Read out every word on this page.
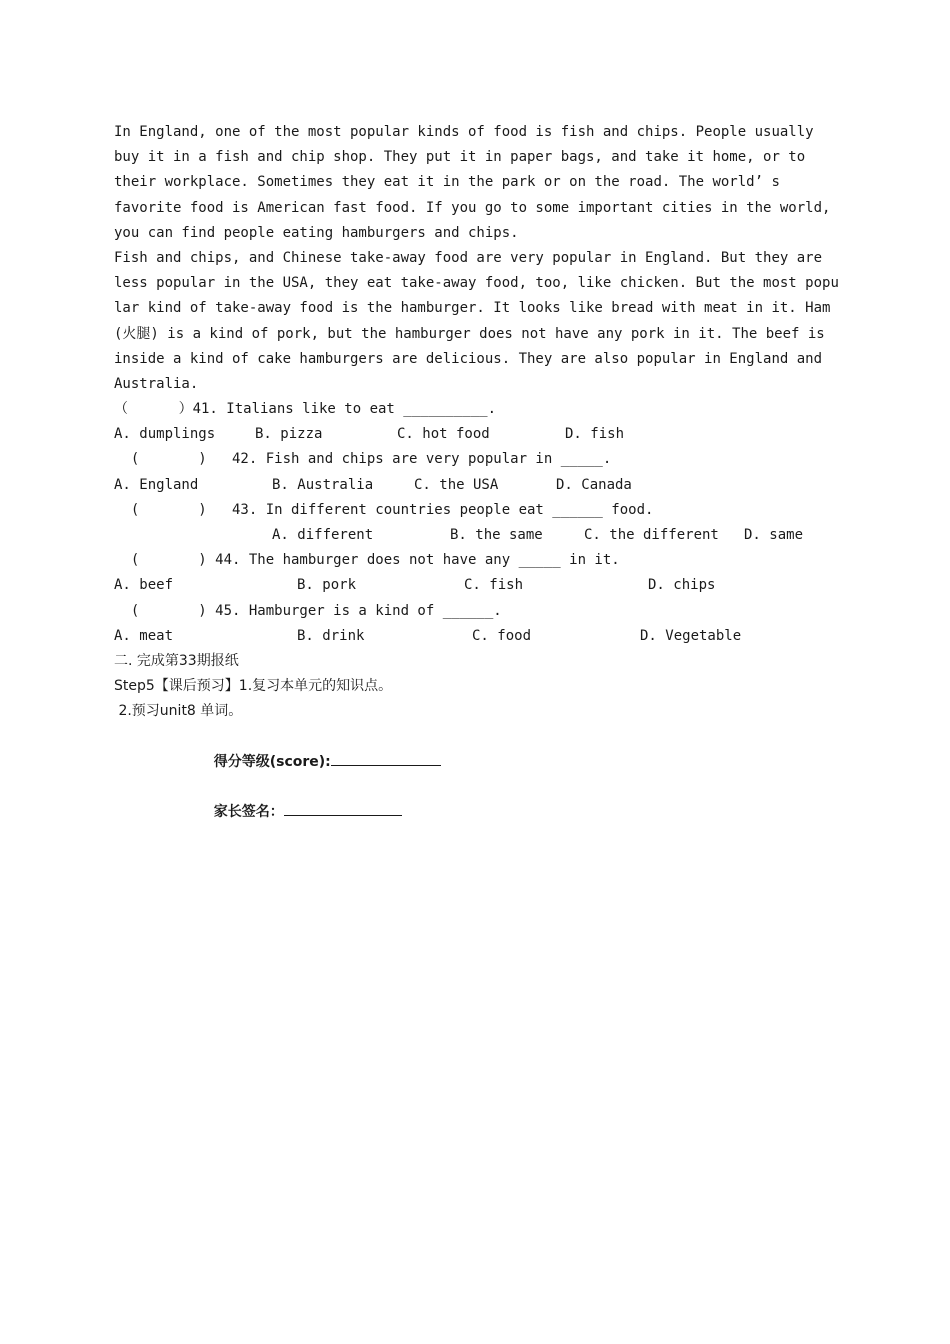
In England, one of the most popular kinds of food is fish and chips. People usually
buy it in a fish and chip shop. They put it in paper bags, and take it home, or to
their workplace. Sometimes they eat it in the park or on the road. The world’ s
favorite food is American fast food. If you go to some important cities in the world,
you can find people eating hamburgers and chips.
Fish and chips, and Chinese take-away food are very popular in England. But they are
less popular in the USA, they eat take-away food, too, like chicken. But the most popu
lar kind of take-away food is the hamburger. It looks like bread with meat in it. Ham
(火腿) is a kind of pork, but the hamburger does not have any pork in it. The beef is
inside a kind of cake hamburgers are delicious. They are also popular in England and
Australia.
（      ）41. Italians like to eat __________.

A. dumplings

	B. pizza

	C. hot food

	D. fish

(       )   42. Fish and chips are very popular in _____.

A. England

	B. Australia

	C. the USA

	D. Canada

(       )   43. In different countries people eat ______ food.

A. different

	B. the same

	C. the different

D. same

(       ) 44. The hamburger does not have any _____ in it.

A. beef

	B. pork

	C. fish

	D. chips

(       ) 45. Hamburger is a kind of ______.

A. meat

	B. drink

	C. food

	D. Vegetable

二. 完成第33期报纸
Step5【课后预习】1.复习本单元的知识点。
2.预习unit8 单词。

得分等级(score):

家长签名：
